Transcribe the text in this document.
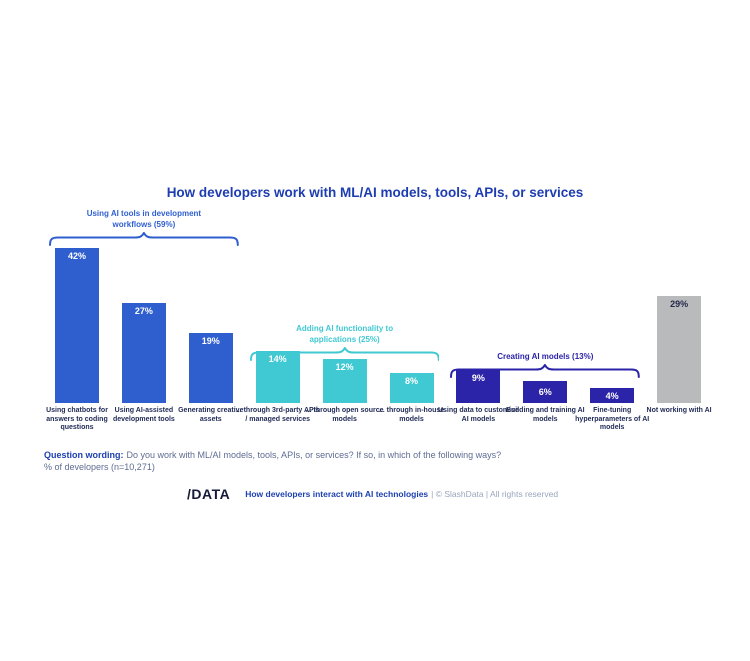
How developers work with ML/AI models, tools, APIs, or services
42%
Using chatbots for answers to coding questions
27%
Using AI-assisted development tools
19%
Generating creative assets
Using AI tools in development
workflows (59%)
14%
... through 3rd-party APIs / managed services
12%
... through open source models
8%
... through in-house models
Adding AI functionality to
applications (25%)
9%
Using data to customise AI models
6%
Building and training AI models
4%
Fine-tuning hyperparameters of AI models
Creating AI models (13%)
29%
Not working with AI
Question wording: Do you work with ML/AI models, tools, APIs, or services? If so, in which of the following ways?
% of developers (n=10,271)
/DATA How developers interact with AI technologies | © SlashData | All rights reserved
